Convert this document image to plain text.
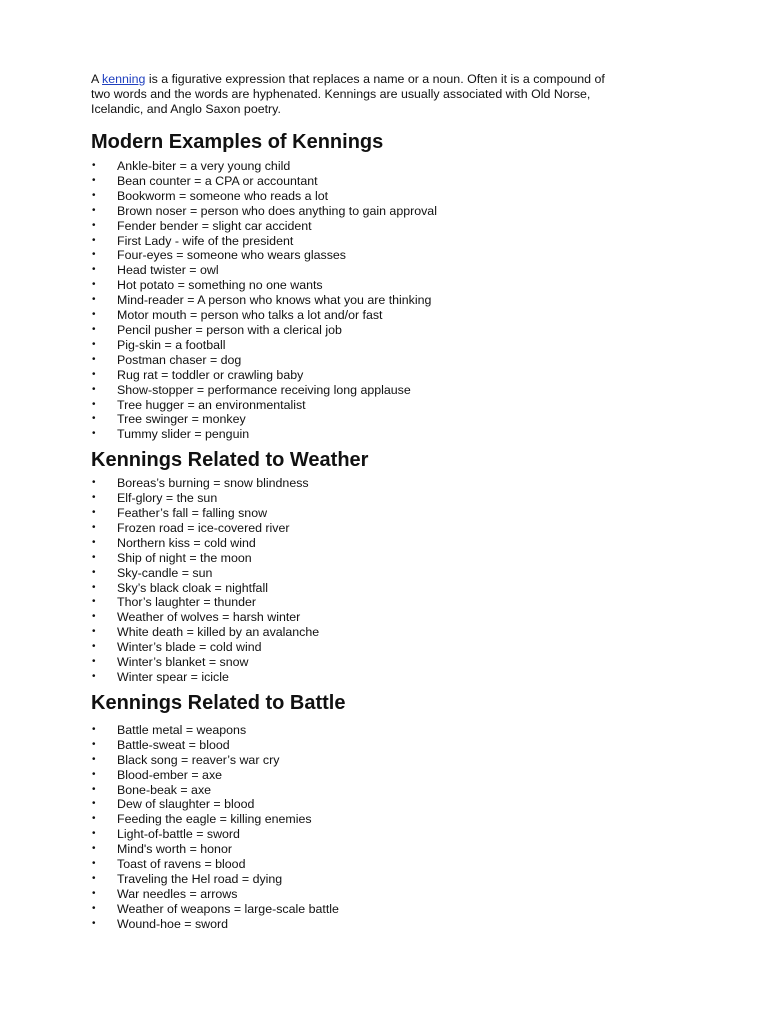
A kenning is a figurative expression that replaces a name or a noun. Often it is a compound of
two words and the words are hyphenated. Kennings are usually associated with Old Norse,
Icelandic, and Anglo Saxon poetry.

Modern Examples of Kennings
• Ankle-biter = a very young child
• Bean counter = a CPA or accountant
• Bookworm = someone who reads a lot
• Brown noser = person who does anything to gain approval
• Fender bender = slight car accident
• First Lady - wife of the president
• Four-eyes = someone who wears glasses
• Head twister = owl
• Hot potato = something no one wants
• Mind-reader = A person who knows what you are thinking
• Motor mouth = person who talks a lot and/or fast
• Pencil pusher = person with a clerical job
• Pig-skin = a football
• Postman chaser = dog
• Rug rat = toddler or crawling baby
• Show-stopper = performance receiving long applause
• Tree hugger = an environmentalist
• Tree swinger = monkey
• Tummy slider = penguin
Kennings Related to Weather
• Boreas’s burning = snow blindness
• Elf-glory = the sun
• Feather’s fall = falling snow
• Frozen road = ice-covered river
• Northern kiss = cold wind
• Ship of night = the moon
• Sky-candle = sun
• Sky’s black cloak = nightfall
• Thor’s laughter = thunder
• Weather of wolves = harsh winter
• White death = killed by an avalanche
• Winter’s blade = cold wind
• Winter’s blanket = snow
• Winter spear = icicle
Kennings Related to Battle
• Battle metal = weapons
• Battle-sweat = blood
• Black song = reaver’s war cry
• Blood-ember = axe
• Bone-beak = axe
• Dew of slaughter = blood
• Feeding the eagle = killing enemies
• Light-of-battle = sword
• Mind's worth = honor
• Toast of ravens = blood
• Traveling the Hel road = dying
• War needles = arrows
• Weather of weapons = large-scale battle
• Wound-hoe = sword
